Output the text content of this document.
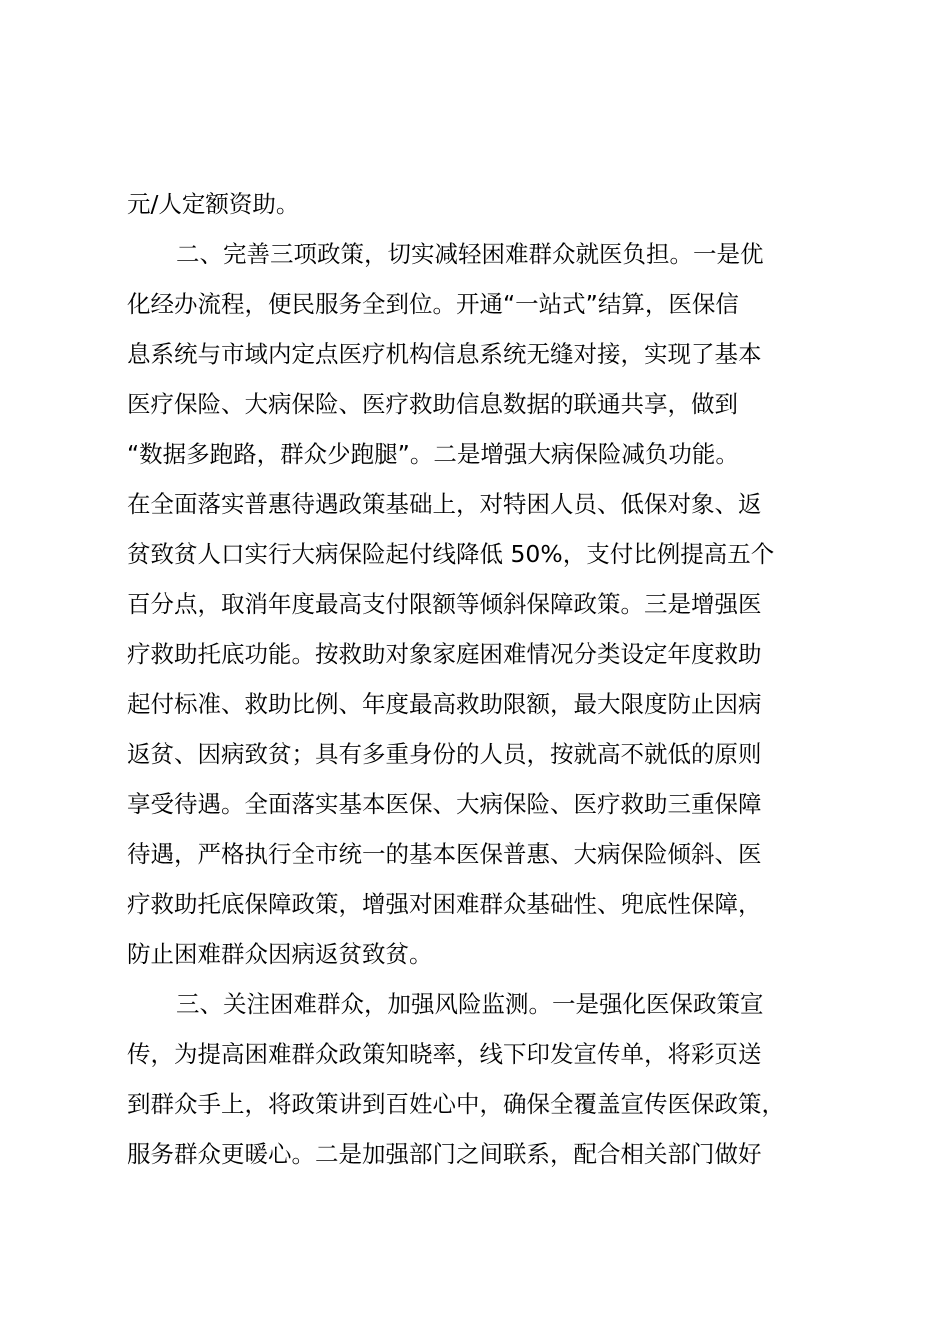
元/人定额资助。
二、完善三项政策，切实减轻困难群众就医负担。一是优
化经办流程，便民服务全到位。开通“一站式”结算，医保信
息系统与市域内定点医疗机构信息系统无缝对接，实现了基本
医疗保险、大病保险、医疗救助信息数据的联通共享，做到
“数据多跑路，群众少跑腿”。二是增强大病保险减负功能。
在全面落实普惠待遇政策基础上，对特困人员、低保对象、返
贫致贫人口实行大病保险起付线降低 50%，支付比例提高五个
百分点，取消年度最高支付限额等倾斜保障政策。三是增强医
疗救助托底功能。按救助对象家庭困难情况分类设定年度救助
起付标准、救助比例、年度最高救助限额，最大限度防止因病
返贫、因病致贫；具有多重身份的人员，按就高不就低的原则
享受待遇。全面落实基本医保、大病保险、医疗救助三重保障
待遇，严格执行全市统一的基本医保普惠、大病保险倾斜、医
疗救助托底保障政策，增强对困难群众基础性、兜底性保障，
防止困难群众因病返贫致贫。
三、关注困难群众，加强风险监测。一是强化医保政策宣
传，为提高困难群众政策知晓率，线下印发宣传单，将彩页送
到群众手上，将政策讲到百姓心中，确保全覆盖宣传医保政策，
服务群众更暖心。二是加强部门之间联系，配合相关部门做好
